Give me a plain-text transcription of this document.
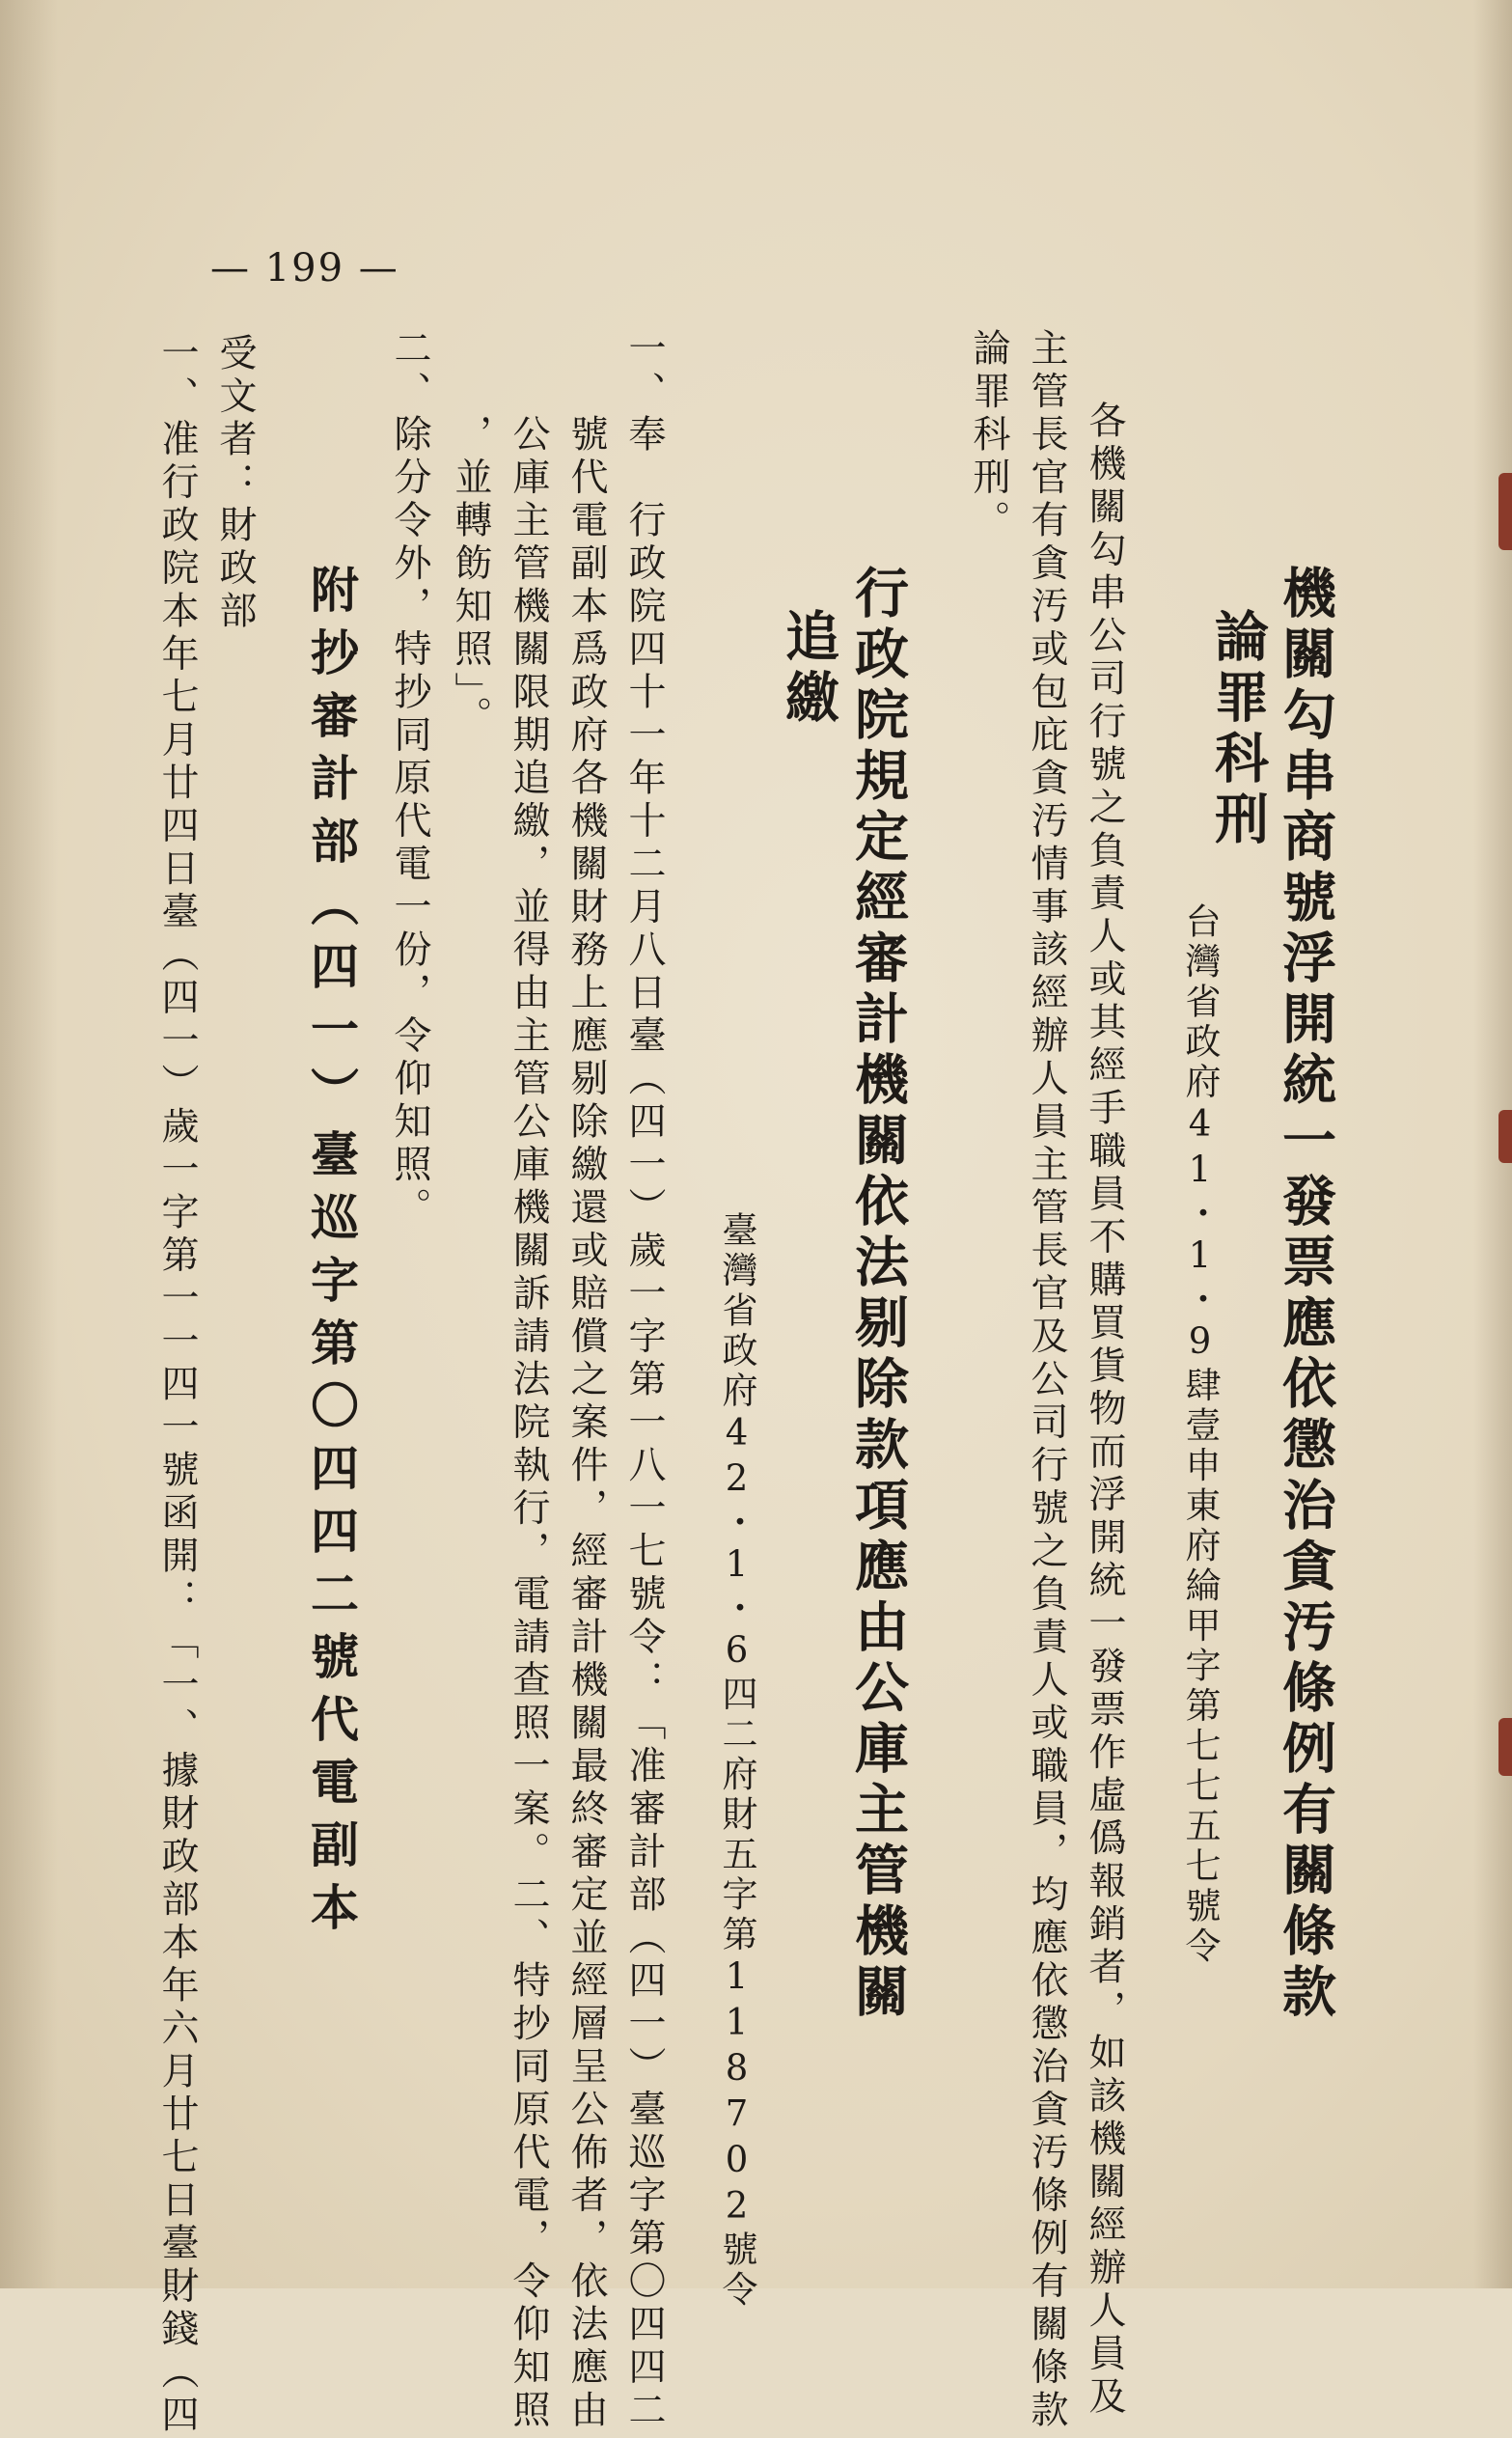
— 199 —
機關勾串商號浮開統一發票應依懲治貪汚條例有關條款
論罪科刑
台灣省政府41・1・9肆壹申東府綸甲字第七七五七號令
各機關勾串公司行號之負責人或其經手職員不購買貨物而浮開統一發票作虛僞報銷者，如該機關經辦人員及
主管長官有貪汚或包庇貪汚情事該經辦人員主管長官及公司行號之負責人或職員，均應依懲治貪汚條例有關條款
論罪科刑。
行政院規定經審計機關依法剔除款項應由公庫主管機關
追繳
臺灣省政府42・1・6四二府財五字第118702號令
一、奉　行政院四十一年十二月八日臺（四一）歲一字第一八一七號令：「准審計部（四一）臺巡字第〇四四二
　　號代電副本爲政府各機關財務上應剔除繳還或賠償之案件，經審計機關最終審定並經層呈公佈者，依法應由
　　公庫主管機關限期追繳，並得由主管公庫機關訴請法院執行，電請查照一案。二、特抄同原代電，令仰知照
　　，並轉飭知照」。
二、除分令外，特抄同原代電一份，令仰知照。
附抄審計部（四一）臺巡字第〇四四二號代電副本
受文者：財政部
一、准行政院本年七月廿四日臺（四一）歲一字第一一四一號函開：「一、據財政部本年六月廿七日臺財錢（四
